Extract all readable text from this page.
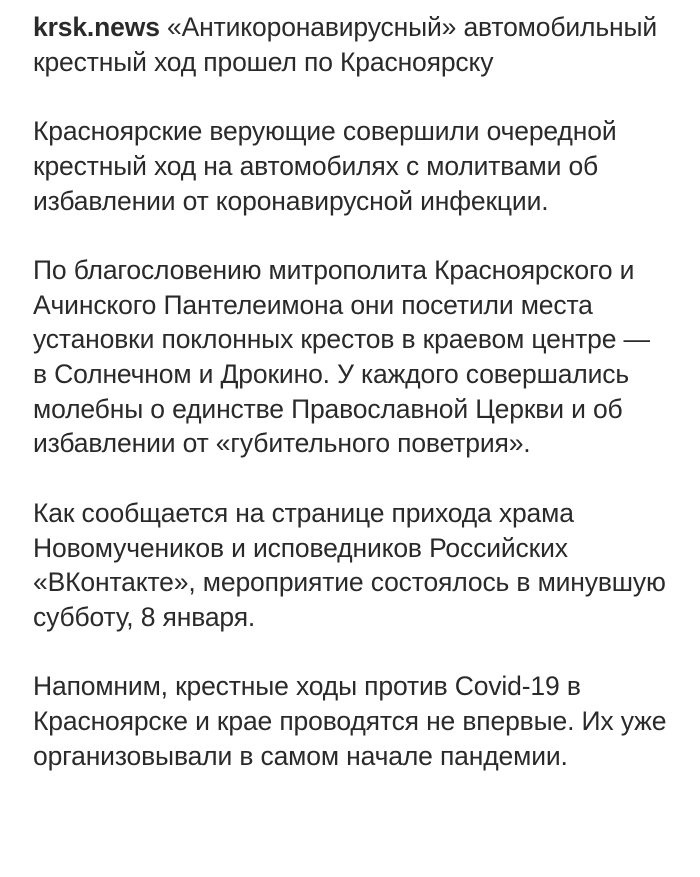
krsk.news «Антикоронавирусный» автомобильный крестный ход прошел по Красноярску

Красноярские верующие совершили очередной крестный ход на автомобилях с молитвами об избавлении от коронавирусной инфекции.

По благословению митрополита Красноярского и Ачинского Пантелеимона они посетили места установки поклонных крестов в краевом центре — в Солнечном и Дрокино. У каждого совершались молебны о единстве Православной Церкви и об избавлении от «губительного поветрия».

Как сообщается на странице прихода храма Новомучеников и исповедников Российских «ВКонтакте», мероприятие состоялось в минувшую субботу, 8 января.

Напомним, крестные ходы против Covid-19 в Красноярске и крае проводятся не впервые. Их уже организовывали в самом начале пандемии.
